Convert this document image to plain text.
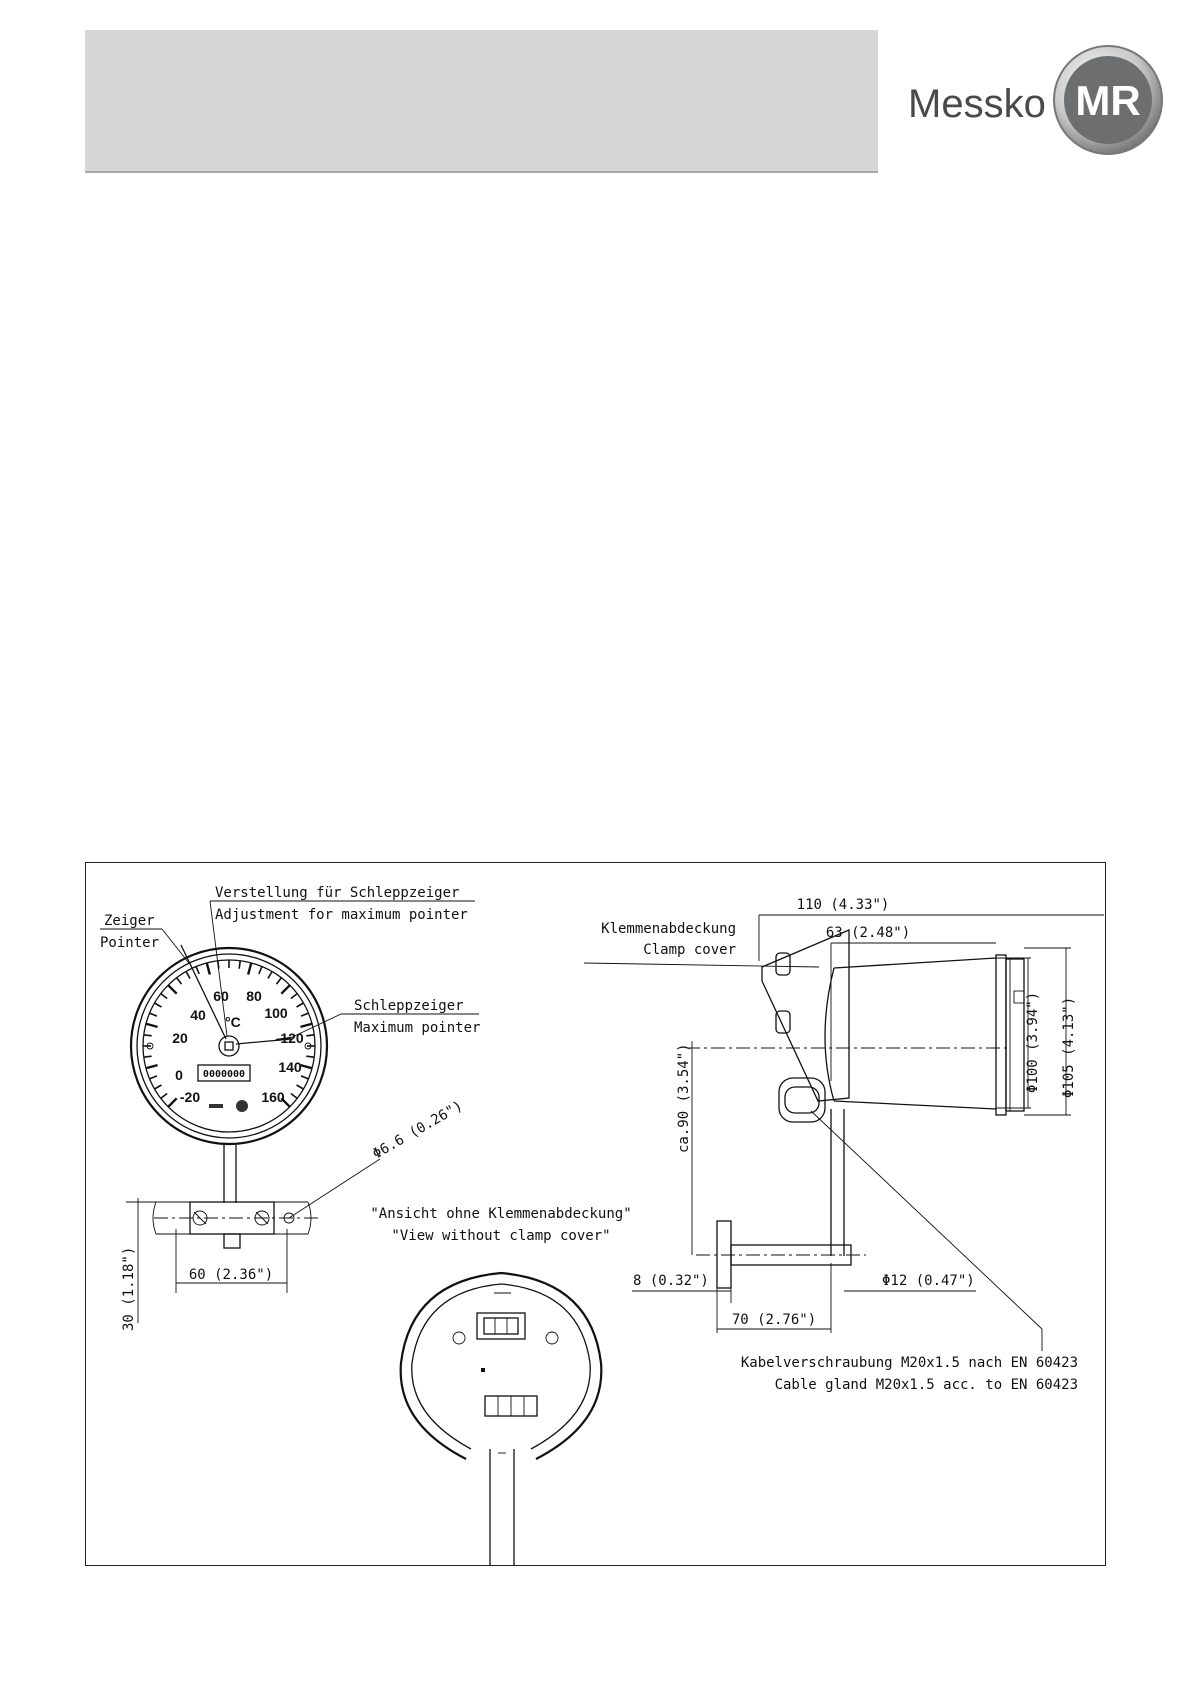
Messko MR
-20
0
20
40
60 80
100
120
140
160
°C
0000000
Verstellung für Schleppzeiger
Adjustment for maximum pointer
Zeiger
Pointer
Schleppzeiger
Maximum pointer
Φ6.6 (0.26")
60 (2.36")
30 (1.18")
"Ansicht ohne Klemmenabdeckung"
"View without clamp cover"
110 (4.33")
63 (2.48")
Φ100 (3.94") Φ105 (4.13")
ca.90 (3.54")
8 (0.32")	Φ12 (0.47")
70 (2.76")
Klemmenabdeckung
Clamp cover
Kabelverschraubung M20x1.5 nach EN 60423
Cable gland M20x1.5 acc. to EN 60423
